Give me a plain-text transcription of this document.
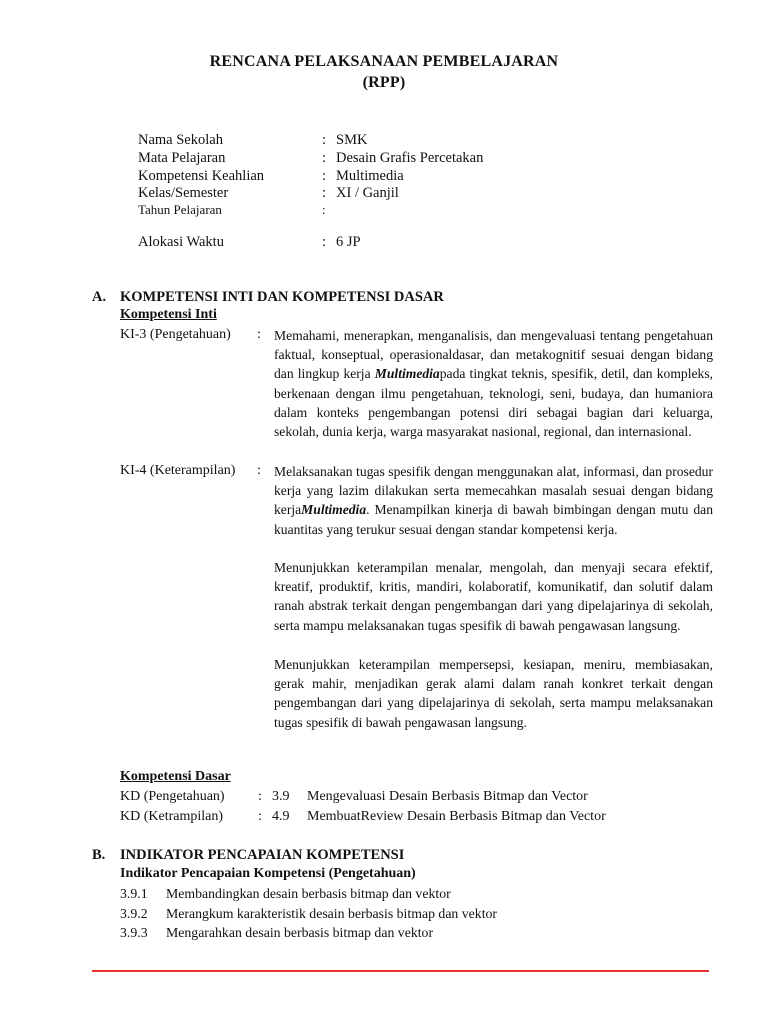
RENCANA PELAKSANAAN PEMBELAJARAN
(RPP)
Nama Sekolah	: SMK
Mata Pelajaran	: Desain Grafis Percetakan
Kompetensi Keahlian	: Multimedia
Kelas/Semester	: XI / Ganjil
Tahun Pelajaran	:
Alokasi Waktu	: 6 JP
A. KOMPETENSI INTI DAN KOMPETENSI DASAR
Kompetensi Inti
KI-3 (Pengetahuan) : Memahami, menerapkan, menganalisis, dan mengevaluasi tentang pengetahuan faktual, konseptual, operasionaldasar, dan metakognitif sesuai dengan bidang dan lingkup kerja Multimediapada tingkat teknis, spesifik, detil, dan kompleks, berkenaan dengan ilmu pengetahuan, teknologi, seni, budaya, dan humaniora dalam konteks pengembangan potensi diri sebagai bagian dari keluarga, sekolah, dunia kerja, warga masyarakat nasional, regional, dan internasional.
KI-4 (Keterampilan) : Melaksanakan tugas spesifik dengan menggunakan alat, informasi, dan prosedur kerja yang lazim dilakukan serta memecahkan masalah sesuai dengan bidang kerjaMultimedia. Menampilkan kinerja di bawah bimbingan dengan mutu dan kuantitas yang terukur sesuai dengan standar kompetensi kerja.
Menunjukkan keterampilan menalar, mengolah, dan menyaji secara efektif, kreatif, produktif, kritis, mandiri, kolaboratif, komunikatif, dan solutif dalam ranah abstrak terkait dengan pengembangan dari yang dipelajarinya di sekolah, serta mampu melaksanakan tugas spesifik di bawah pengawasan langsung.
Menunjukkan keterampilan mempersepsi, kesiapan, meniru, membiasakan, gerak mahir, menjadikan gerak alami dalam ranah konkret terkait dengan pengembangan dari yang dipelajarinya di sekolah, serta mampu melaksanakan tugas spesifik di bawah pengawasan langsung.
Kompetensi Dasar
KD (Pengetahuan) : 3.9 Mengevaluasi Desain Berbasis Bitmap dan Vector
KD (Ketrampilan) : 4.9 MembuatReview Desain Berbasis Bitmap dan Vector
B. INDIKATOR PENCAPAIAN KOMPETENSI
Indikator Pencapaian Kompetensi (Pengetahuan)
3.9.1 Membandingkan desain berbasis bitmap dan vektor
3.9.2 Merangkum karakteristik desain berbasis bitmap dan vektor
3.9.3 Mengarahkan desain berbasis bitmap dan vektor
